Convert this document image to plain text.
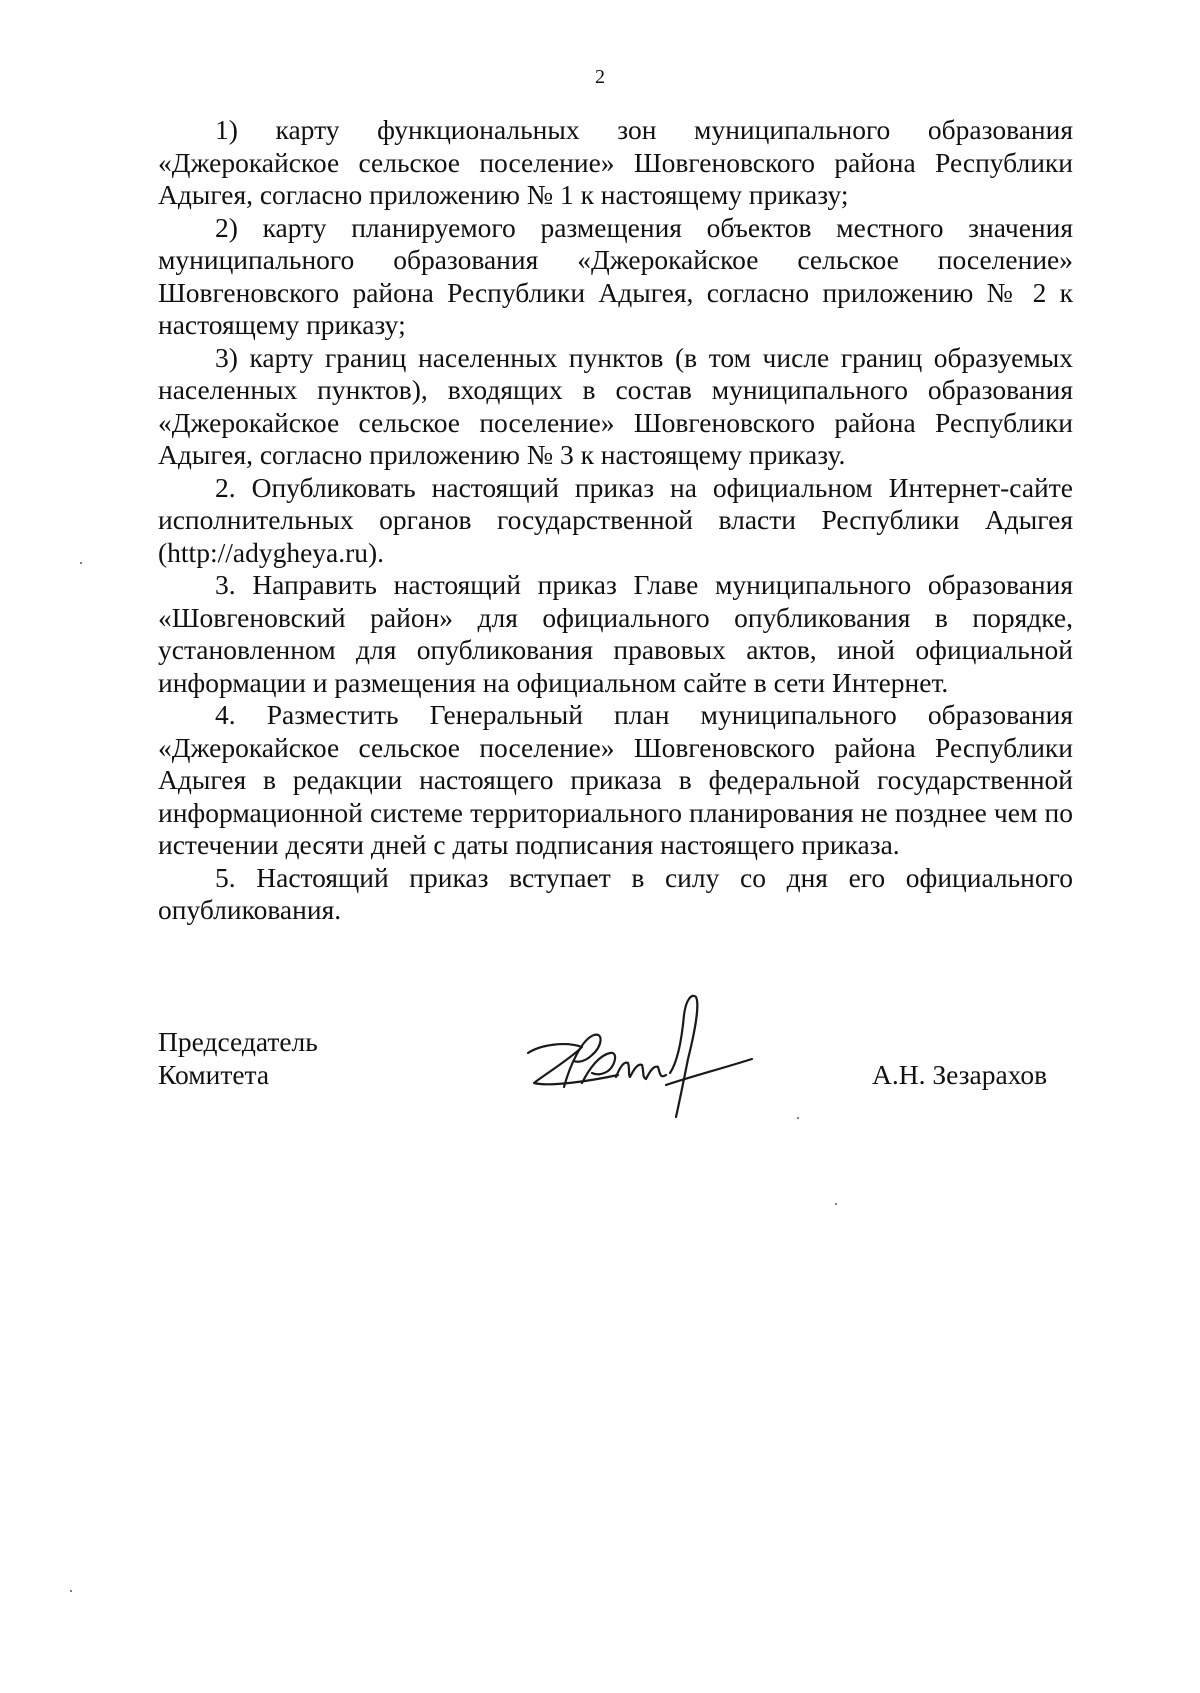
2

1) карту функциональных зон муниципального образования «Джерокайское сельское поселение» Шовгеновского района Республики Адыгея, согласно приложению № 1 к настоящему приказу;

2) карту планируемого размещения объектов местного значения муниципального образования «Джерокайское сельское поселение» Шовгеновского района Республики Адыгея, согласно приложению № 2 к настоящему приказу;

3) карту границ населенных пунктов (в том числе границ образуемых населенных пунктов), входящих в состав муниципального образования «Джерокайское сельское поселение» Шовгеновского района Республики Адыгея, согласно приложению № 3 к настоящему приказу.

2. Опубликовать настоящий приказ на официальном Интернет-сайте исполнительных органов государственной власти Республики Адыгея (http://adygheya.ru).

3. Направить настоящий приказ Главе муниципального образования «Шовгеновский район» для официального опубликования в порядке, установленном для опубликования правовых актов, иной официальной информации и размещения на официальном сайте в сети Интернет.

4. Разместить Генеральный план муниципального образования «Джерокайское сельское поселение» Шовгеновского района Республики Адыгея в редакции настоящего приказа в федеральной государственной информационной системе территориального планирования не позднее чем по истечении десяти дней с даты подписания настоящего приказа.

5. Настоящий приказ вступает в силу со дня его официального опубликования.

Председатель
Комитета	А.Н. Зезарахов
